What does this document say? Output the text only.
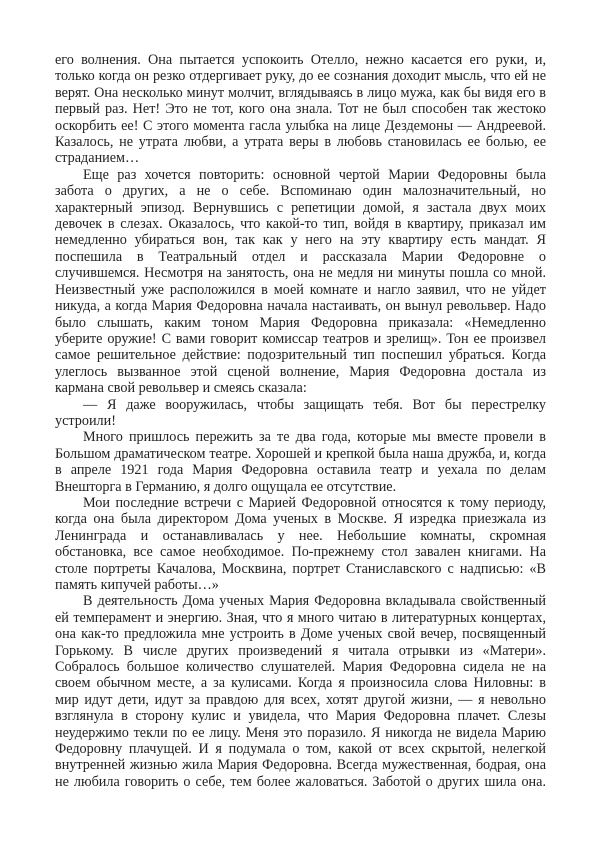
его волнения. Она пытается успокоить Отелло, нежно касается его руки, и,
только когда он резко отдергивает руку, до ее сознания доходит мысль, что ей не
верят. Она несколько минут молчит, вглядываясь в лицо мужа, как бы видя его в
первый раз. Нет! Это не тот, кого она знала. Тот не был способен так жестоко
оскорбить ее! С этого момента гасла улыбка на лице Дездемоны — Андреевой.
Казалось, не утрата любви, а утрата веры в любовь становилась ее болью, ее
страданием…
Еще раз хочется повторить: основной чертой Марии Федоровны была
забота о других, а не о себе. Вспоминаю один малозначительный, но
характерный эпизод. Вернувшись с репетиции домой, я застала двух моих
девочек в слезах. Оказалось, что какой-то тип, войдя в квартиру, приказал им
немедленно убираться вон, так как у него на эту квартиру есть мандат. Я
поспешила в Театральный отдел и рассказала Марии Федоровне о
случившемся. Несмотря на занятость, она не медля ни минуты пошла со мной.
Неизвестный уже расположился в моей комнате и нагло заявил, что не уйдет
никуда, а когда Мария Федоровна начала настаивать, он вынул револьвер. Надо
было слышать, каким тоном Мария Федоровна приказала: «Немедленно
уберите оружие! С вами говорит комиссар театров и зрелищ». Тон ее произвел
самое решительное действие: подозрительный тип поспешил убраться. Когда
улеглось вызванное этой сценой волнение, Мария Федоровна достала из
кармана свой револьвер и смеясь сказала:
— Я даже вооружилась, чтобы защищать тебя. Вот бы перестрелку
устроили!
Много пришлось пережить за те два года, которые мы вместе провели в
Большом драматическом театре. Хорошей и крепкой была наша дружба, и, когда
в апреле 1921 года Мария Федоровна оставила театр и уехала по делам
Внешторга в Германию, я долго ощущала ее отсутствие.
Мои последние встречи с Марией Федоровной относятся к тому периоду,
когда она была директором Дома ученых в Москве. Я изредка приезжала из
Ленинграда и останавливалась у нее. Небольшие комнаты, скромная
обстановка, все самое необходимое. По-прежнему стол завален книгами. На
столе портреты Качалова, Москвина, портрет Станиславского с надписью: «В
память кипучей работы…»
В деятельность Дома ученых Мария Федоровна вкладывала свойственный
ей темперамент и энергию. Зная, что я много читаю в литературных концертах,
она как-то предложила мне устроить в Доме ученых свой вечер, посвященный
Горькому. В числе других произведений я читала отрывки из «Матери».
Собралось большое количество слушателей. Мария Федоровна сидела не на
своем обычном месте, а за кулисами. Когда я произносила слова Ниловны: в
мир идут дети, идут за правдою для всех, хотят другой жизни, — я невольно
взглянула в сторону кулис и увидела, что Мария Федоровна плачет. Слезы
неудержимо текли по ее лицу. Меня это поразило. Я никогда не видела Марию
Федоровну плачущей. И я подумала о том, какой от всех скрытой, нелегкой
внутренней жизнью жила Мария Федоровна. Всегда мужественная, бодрая, она
не любила говорить о себе, тем более жаловаться. Заботой о других шила она.
